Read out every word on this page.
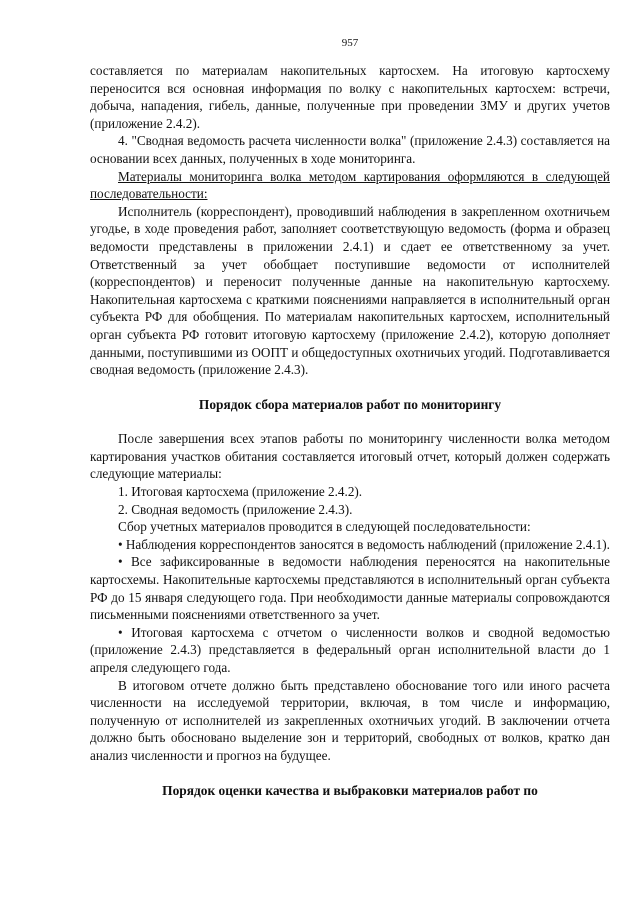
957

составляется по материалам накопительных картосхем. На итоговую картосхему переносится вся основная информация по волку с накопительных картосхем: встречи, добыча, нападения, гибель, данные, полученные при проведении ЗМУ и других учетов (приложение 2.4.2).

4. "Сводная ведомость расчета численности волка" (приложение 2.4.3) составляется на основании всех данных, полученных в ходе мониторинга.

Материалы мониторинга волка методом картирования оформляются в следующей последовательности:

Исполнитель (корреспондент), проводивший наблюдения в закрепленном охотничьем угодье, в ходе проведения работ, заполняет соответствующую ведомость (форма и образец ведомости представлены в приложении 2.4.1) и сдает ее ответственному за учет. Ответственный за учет обобщает поступившие ведомости от исполнителей (корреспондентов) и переносит полученные данные на накопительную картосхему. Накопительная картосхема с краткими пояснениями направляется в исполнительный орган субъекта РФ для обобщения. По материалам накопительных картосхем, исполнительный орган субъекта РФ готовит итоговую картосхему (приложение 2.4.2), которую дополняет данными, поступившими из ООПТ и общедоступных охотничьих угодий. Подготавливается сводная ведомость (приложение 2.4.3).

Порядок сбора материалов работ по мониторингу

После завершения всех этапов работы по мониторингу численности волка методом картирования участков обитания составляется итоговый отчет, который должен содержать следующие материалы:

1. Итоговая картосхема (приложение 2.4.2).

2. Сводная ведомость (приложение 2.4.3).

Сбор учетных материалов проводится в следующей последовательности:

• Наблюдения корреспондентов заносятся в ведомость наблюдений (приложение 2.4.1).

• Все зафиксированные в ведомости наблюдения переносятся на накопительные картосхемы. Накопительные картосхемы представляются в исполнительный орган субъекта РФ до 15 января следующего года. При необходимости данные материалы сопровождаются письменными пояснениями ответственного за учет.

• Итоговая картосхема с отчетом о численности волков и сводной ведомостью (приложение 2.4.3) представляется в федеральный орган исполнительной власти до 1 апреля следующего года.

В итоговом отчете должно быть представлено обоснование того или иного расчета численности на исследуемой территории, включая, в том числе и информацию, полученную от исполнителей из закрепленных охотничьих угодий. В заключении отчета должно быть обосновано выделение зон и территорий, свободных от волков, кратко дан анализ численности и прогноз на будущее.

Порядок оценки качества и выбраковки материалов работ по
